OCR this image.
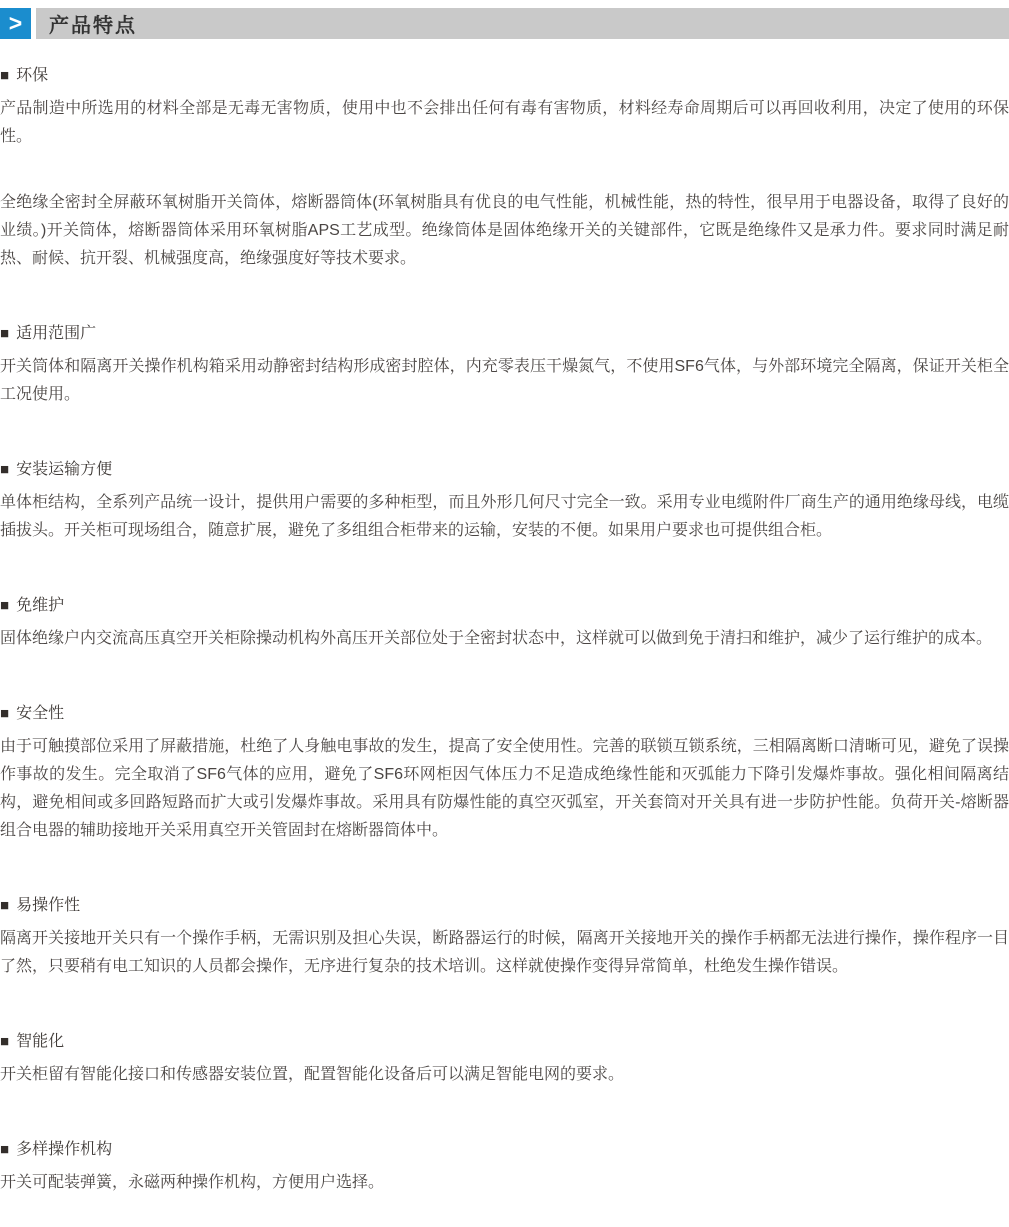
> 产品特点
■ 环保

产品制造中所选用的材料全部是无毒无害物质，使用中也不会排出任何有毒有害物质，材料经寿命周期后可以再回收利用，决定了使用的环保性。

全绝缘全密封全屏蔽环氧树脂开关筒体，熔断器筒体(环氧树脂具有优良的电气性能，机械性能，热的特性，很早用于电器设备，取得了良好的业绩。)开关筒体，熔断器筒体采用环氧树脂APS工艺成型。绝缘筒体是固体绝缘开关的关键部件，它既是绝缘件又是承力件。要求同时满足耐热、耐候、抗开裂、机械强度高，绝缘强度好等技术要求。

■ 适用范围广

开关筒体和隔离开关操作机构箱采用动静密封结构形成密封腔体，内充零表压干燥氮气，不使用SF6气体，与外部环境完全隔离，保证开关柜全工况使用。

■ 安装运输方便

单体柜结构，全系列产品统一设计，提供用户需要的多种柜型，而且外形几何尺寸完全一致。采用专业电缆附件厂商生产的通用绝缘母线，电缆插拔头。开关柜可现场组合，随意扩展，避免了多组组合柜带来的运输，安装的不便。如果用户要求也可提供组合柜。

■ 免维护

固体绝缘户内交流高压真空开关柜除操动机构外高压开关部位处于全密封状态中，这样就可以做到免于清扫和维护，减少了运行维护的成本。

■ 安全性

由于可触摸部位采用了屏蔽措施，杜绝了人身触电事故的发生，提高了安全使用性。完善的联锁互锁系统，三相隔离断口清晰可见，避免了误操作事故的发生。完全取消了SF6气体的应用，避免了SF6环网柜因气体压力不足造成绝缘性能和灭弧能力下降引发爆炸事故。强化相间隔离结构，避免相间或多回路短路而扩大或引发爆炸事故。采用具有防爆性能的真空灭弧室，开关套筒对开关具有进一步防护性能。负荷开关-熔断器组合电器的辅助接地开关采用真空开关管固封在熔断器筒体中。

■ 易操作性

隔离开关接地开关只有一个操作手柄，无需识别及担心失误，断路器运行的时候，隔离开关接地开关的操作手柄都无法进行操作，操作程序一目了然，只要稍有电工知识的人员都会操作，无序进行复杂的技术培训。这样就使操作变得异常简单，杜绝发生操作错误。

■ 智能化

开关柜留有智能化接口和传感器安装位置，配置智能化设备后可以满足智能电网的要求。

■ 多样操作机构

开关可配装弹簧，永磁两种操作机构，方便用户选择。
